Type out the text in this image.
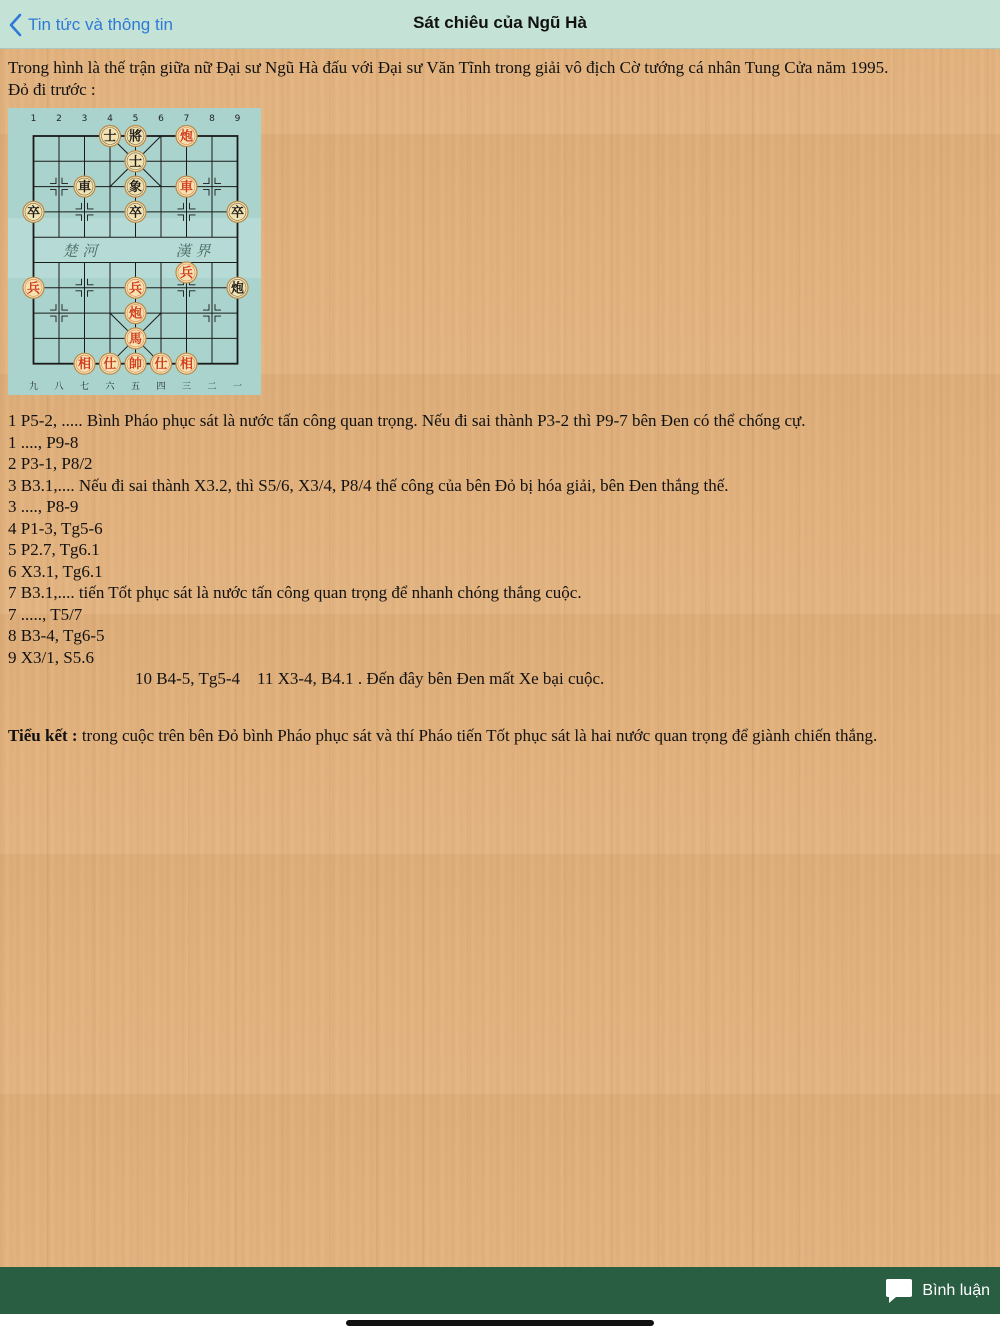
Tin tức và thông tin	Sát chiêu của Ngũ Hà
Trong hình là thế trận giữa nữ Đại sư Ngũ Hà đấu với Đại sư Văn Tĩnh trong giải vô địch Cờ tướng cá nhân Tung Cửa năm 1995.
Đỏ đi trước :
1 2 3 4 5 6 7 8 9
九 八 七 六 五 四 三 二 一
楚 河	漢 界
士 將	炮
士
車	象	車
卒	卒	卒
兵
兵	兵	炮
炮
馬
相 仕 帥 仕 相
1 P5-2, ..... Bình Pháo phục sát là nước tấn công quan trọng. Nếu đi sai thành P3-2 thì P9-7 bên Đen có thể chống cự.
1 ...., P9-8
2 P3-1, P8/2
3 B3.1,.... Nếu đi sai thành X3.2, thì S5/6, X3/4, P8/4 thế công của bên Đỏ bị hóa giải, bên Đen thắng thế.
3 ...., P8-9
4 P1-3, Tg5-6
5 P2.7, Tg6.1
6 X3.1, Tg6.1
7 B3.1,.... tiến Tốt phục sát là nước tấn công quan trọng để nhanh chóng thắng cuộc.
7 ....., T5/7
8 B3-4, Tg6-5
9 X3/1, S5.6
10 B4-5, Tg5-4    11 X3-4, B4.1 . Đến đây bên Đen mất Xe bại cuộc.
Tiểu kết : trong cuộc trên bên Đỏ bình Pháo phục sát và thí Pháo tiến Tốt phục sát là hai nước quan trọng để giành chiến thắng.
Bình luận
